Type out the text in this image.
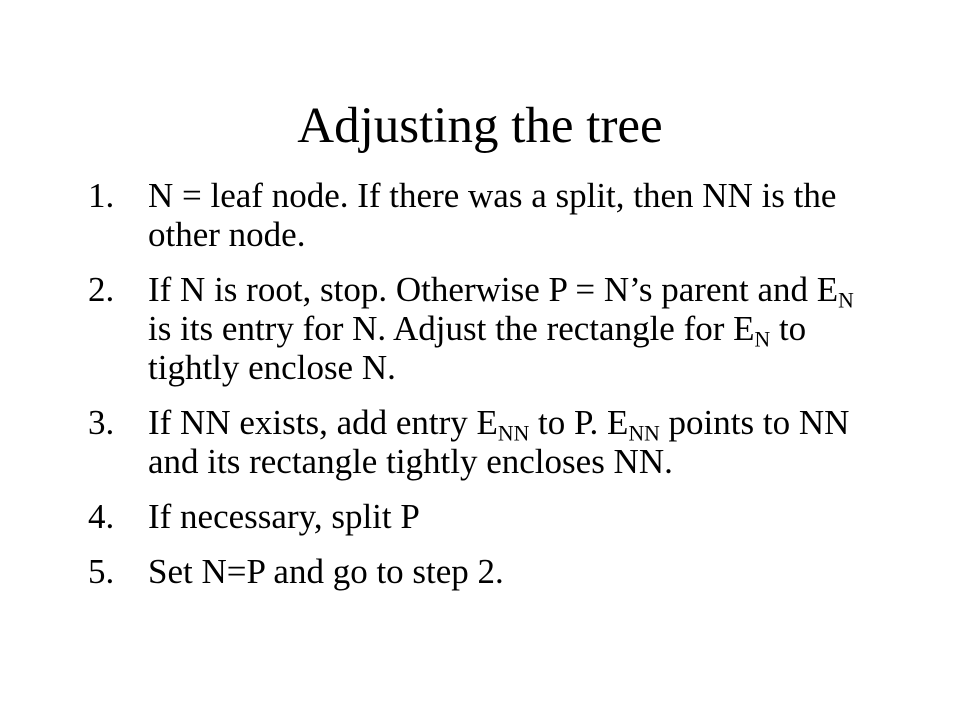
Adjusting the tree
1. N = leaf node. If there was a split, then NN is the other node.
2. If N is root, stop. Otherwise P = N’s parent and $E_N$ is its entry for N. Adjust the rectangle for $E_N$ to tightly enclose N.
3. If NN exists, add entry $E_{NN}$ to P. $E_{NN}$ points to NN and its rectangle tightly encloses NN.
4. If necessary, split P
5. Set N=P and go to step 2.
